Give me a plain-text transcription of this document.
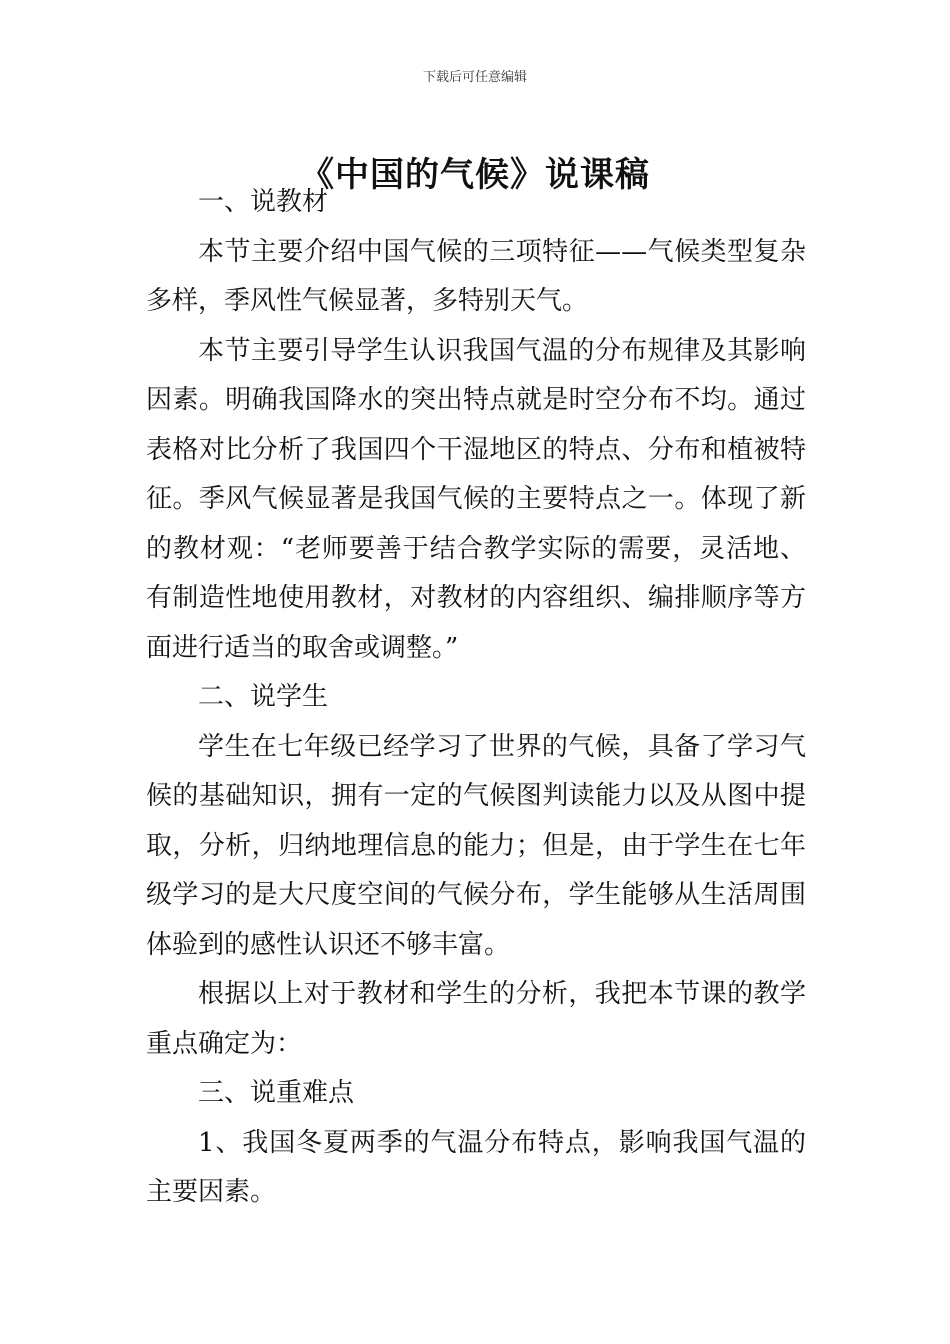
下载后可任意编辑
《中国的气候》说课稿
一、说教材

本节主要介绍中国气候的三项特征——气候类型复杂多样，季风性气候显著，多特别天气。

本节主要引导学生认识我国气温的分布规律及其影响因素。明确我国降水的突出特点就是时空分布不均。通过表格对比分析了我国四个干湿地区的特点、分布和植被特征。季风气候显著是我国气候的主要特点之一。体现了新的教材观：“老师要善于结合教学实际的需要，灵活地、有制造性地使用教材，对教材的内容组织、编排顺序等方面进行适当的取舍或调整。”

二、说学生

学生在七年级已经学习了世界的气候，具备了学习气候的基础知识，拥有一定的气候图判读能力以及从图中提取，分析，归纳地理信息的能力；但是，由于学生在七年级学习的是大尺度空间的气候分布，学生能够从生活周围体验到的感性认识还不够丰富。

根据以上对于教材和学生的分析，我把本节课的教学重点确定为：

三、说重难点

1、我国冬夏两季的气温分布特点，影响我国气温的主要因素。
